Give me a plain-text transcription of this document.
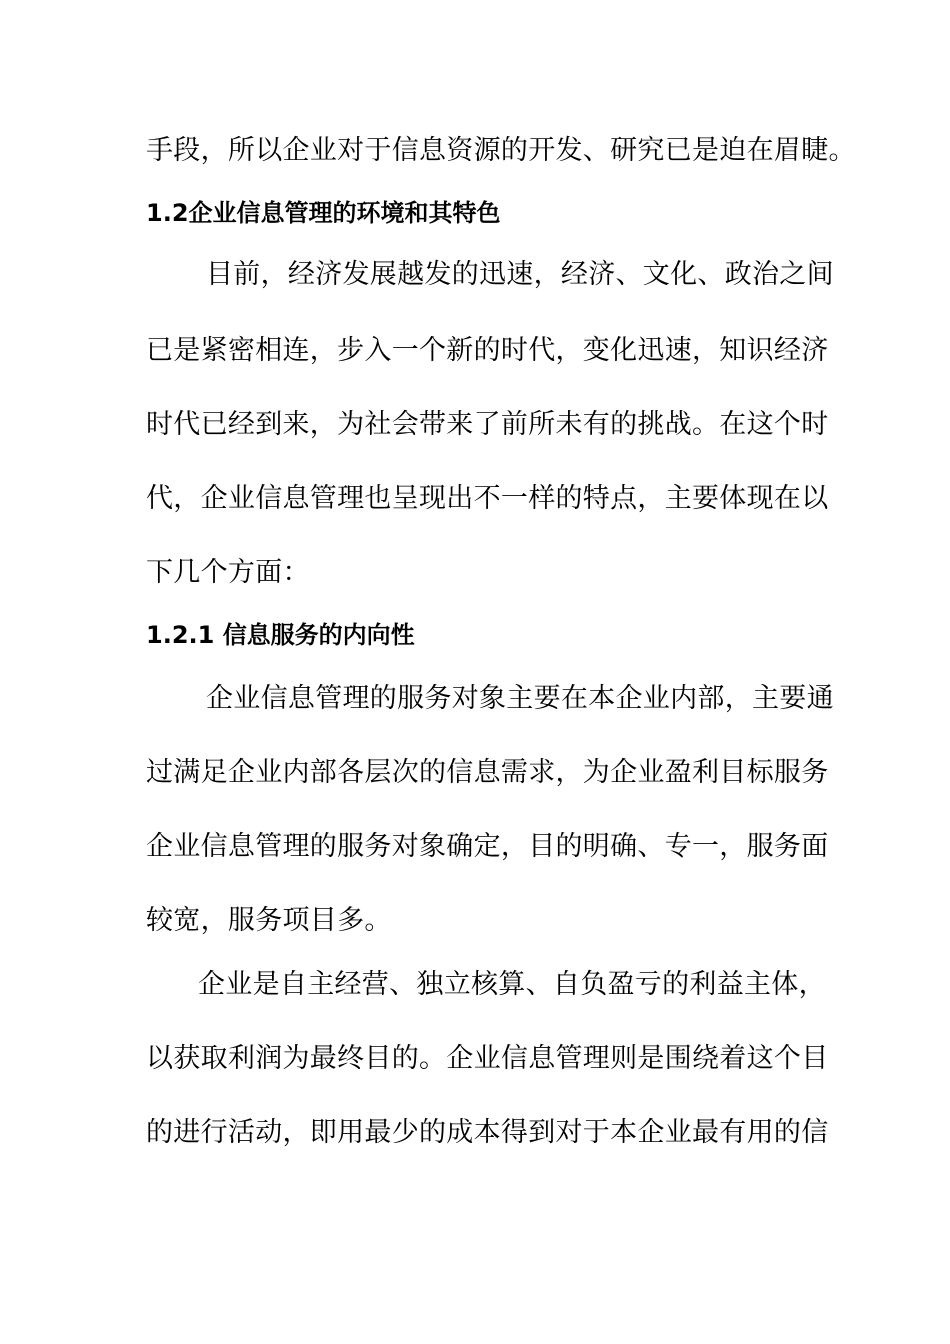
手段，所以企业对于信息资源的开发、研究已是迫在眉睫。
1.2企业信息管理的环境和其特色
目前，经济发展越发的迅速，经济、文化、政治之间
已是紧密相连，步入一个新的时代，变化迅速，知识经济
时代已经到来，为社会带来了前所未有的挑战。在这个时
代，企业信息管理也呈现出不一样的特点，主要体现在以
下几个方面：
1.2.1 信息服务的内向性
企业信息管理的服务对象主要在本企业内部，主要通
过满足企业内部各层次的信息需求，为企业盈利目标服务
企业信息管理的服务对象确定，目的明确、专一，服务面
较宽，服务项目多。
企业是自主经营、独立核算、自负盈亏的利益主体，
以获取利润为最终目的。企业信息管理则是围绕着这个目
的进行活动，即用最少的成本得到对于本企业最有用的信
